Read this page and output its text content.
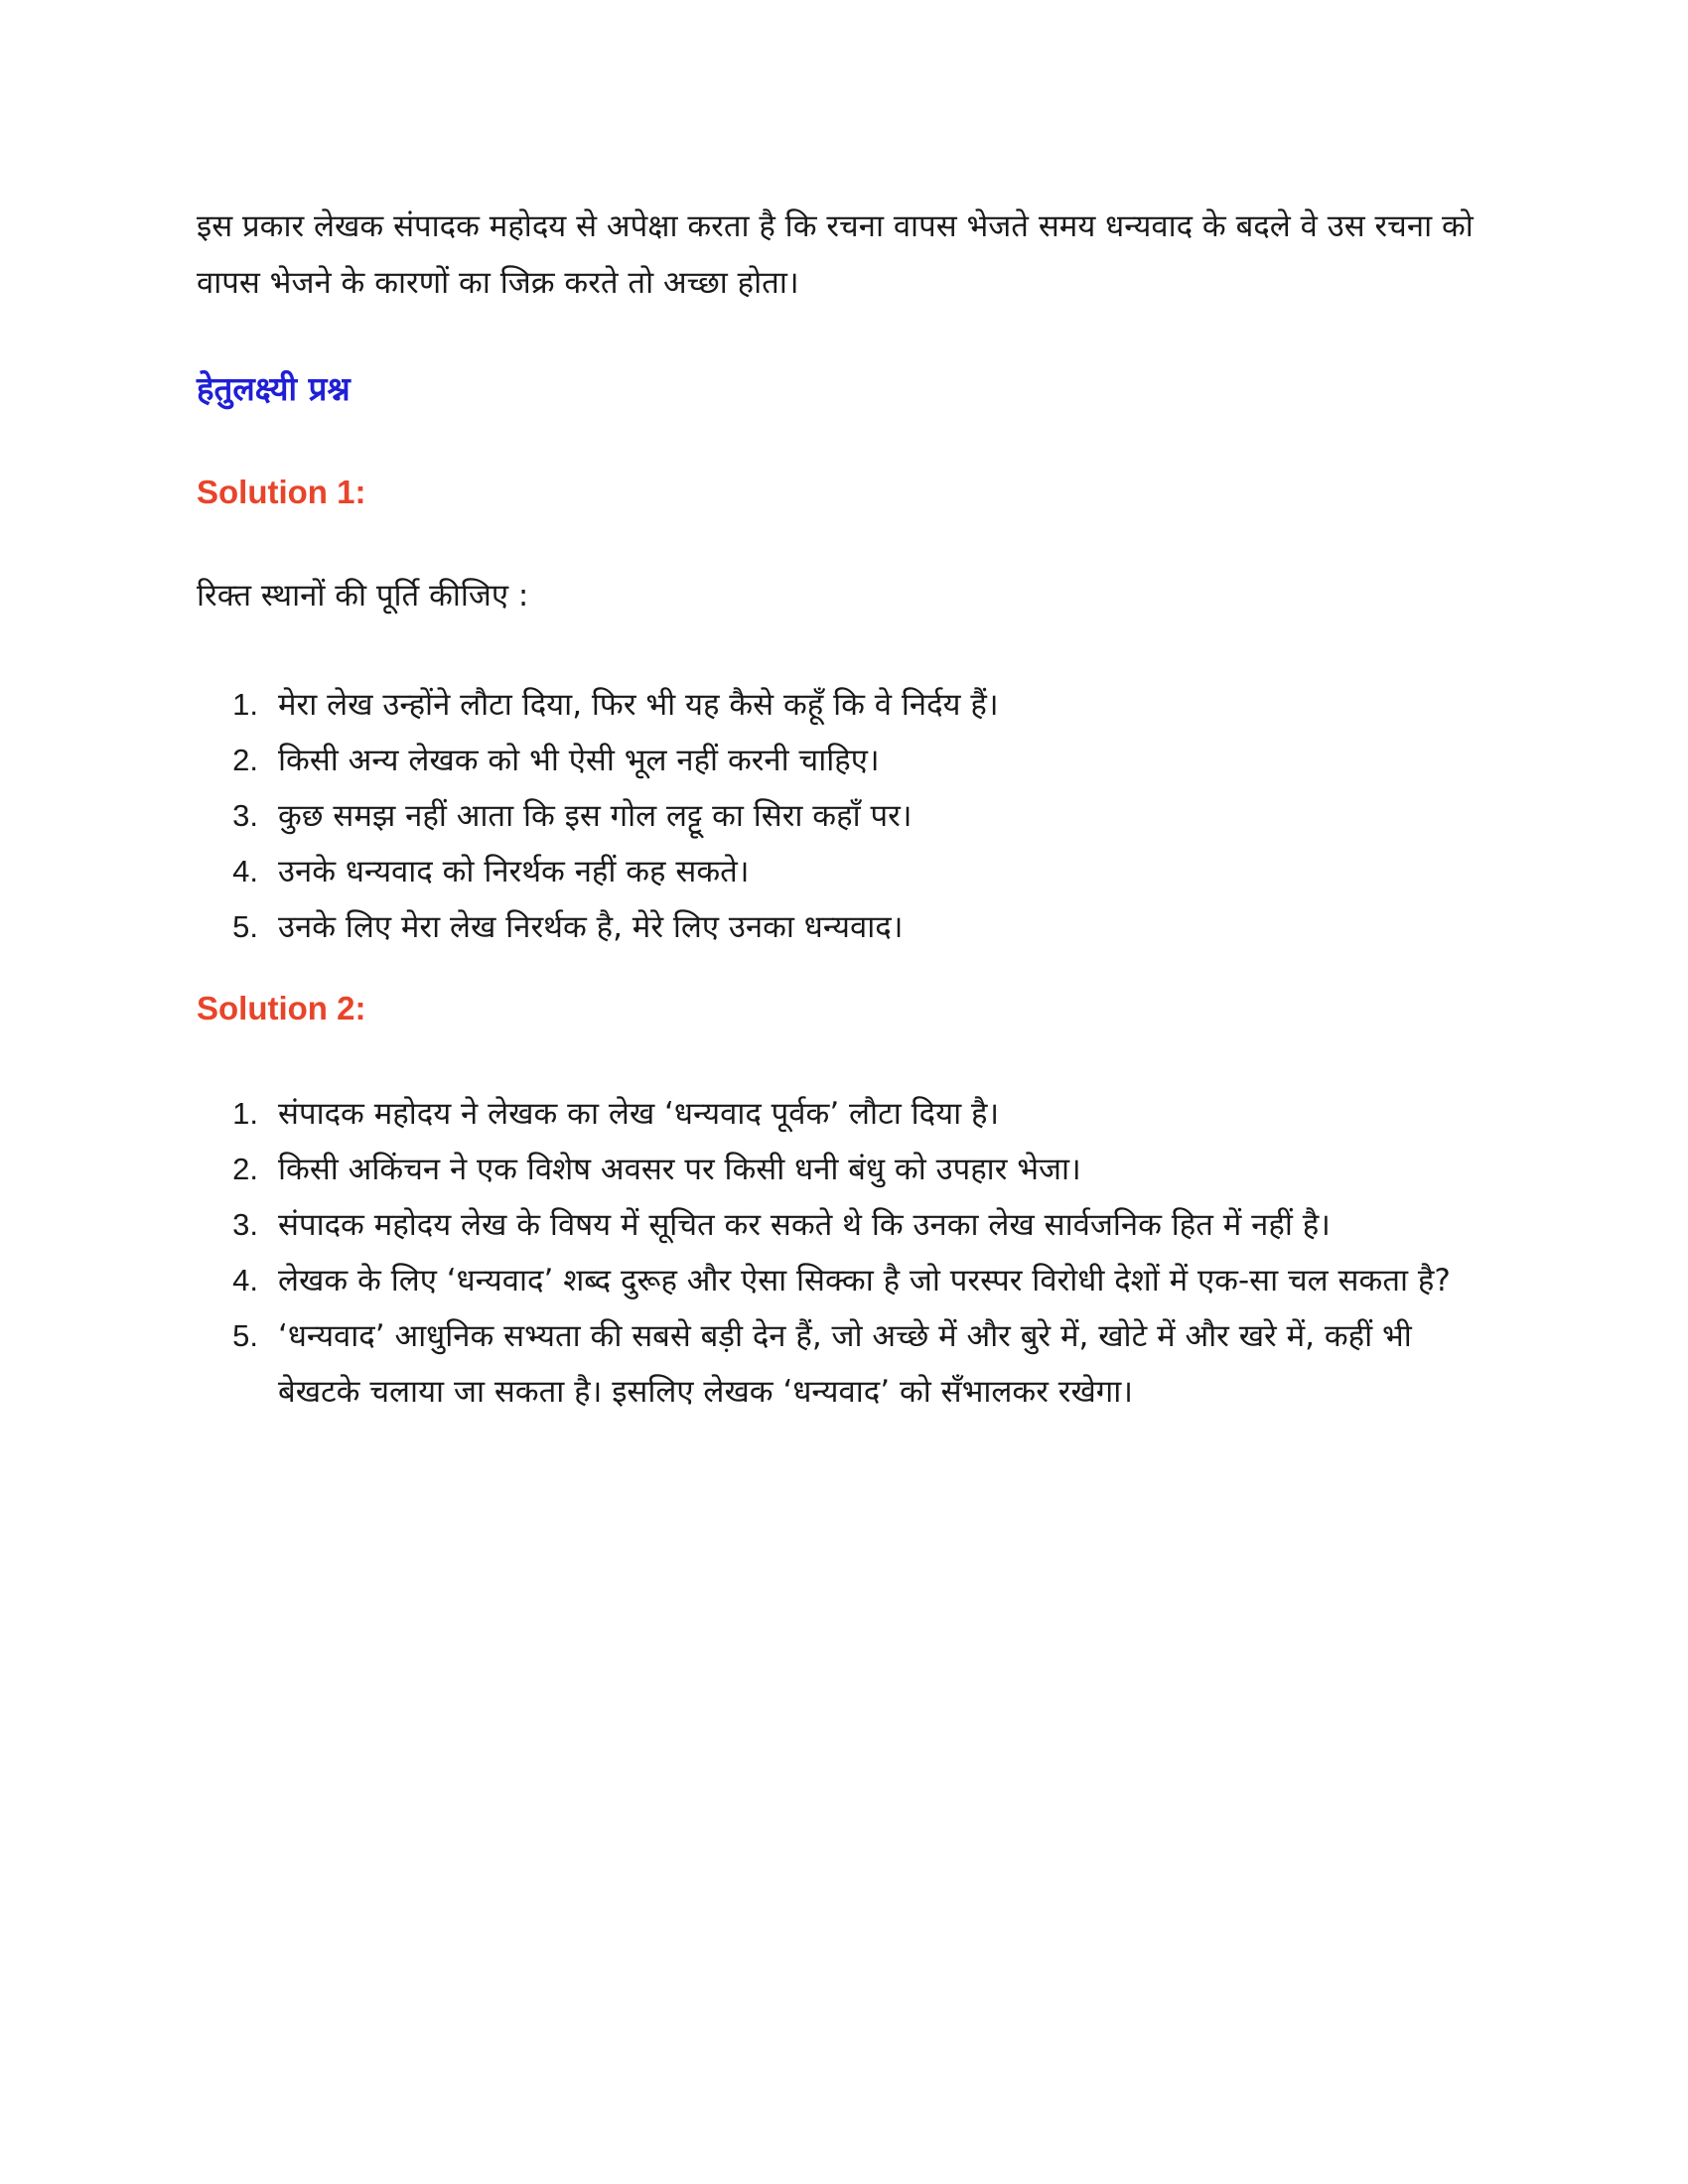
इस प्रकार लेखक संपादक महोदय से अपेक्षा करता है कि रचना वापस भेजते समय धन्यवाद के बदले वे उस रचना को वापस भेजने के कारणों का जिक्र करते तो अच्छा होता।

हेतुलक्ष्यी प्रश्न
Solution 1:

रिक्त स्थानों की पूर्ति कीजिए :

1. मेरा लेख उन्होंने लौटा दिया, फिर भी यह कैसे कहूँ कि वे निर्दय हैं।
2. किसी अन्य लेखक को भी ऐसी भूल नहीं करनी चाहिए।
3. कुछ समझ नहीं आता कि इस गोल लट्टू का सिरा कहाँ पर।
4. उनके धन्यवाद को निरर्थक नहीं कह सकते।
5. उनके लिए मेरा लेख निरर्थक है, मेरे लिए उनका धन्यवाद।
Solution 2:
1. संपादक महोदय ने लेखक का लेख ‘धन्यवाद पूर्वक’ लौटा दिया है।
2. किसी अकिंचन ने एक विशेष अवसर पर किसी धनी बंधु को उपहार भेजा।
3. संपादक महोदय लेख के विषय में सूचित कर सकते थे कि उनका लेख सार्वजनिक हित में नहीं है।
4. लेखक के लिए ‘धन्यवाद’ शब्द दुरूह और ऐसा सिक्का है जो परस्पर विरोधी देशों में एक-सा चल सकता है?
5. ‘धन्यवाद’ आधुनिक सभ्यता की सबसे बड़ी देन हैं, जो अच्छे में और बुरे में, खोटे में और खरे में, कहीं भी बेखटके चलाया जा सकता है। इसलिए लेखक ‘धन्यवाद’ को सँभालकर रखेगा।
